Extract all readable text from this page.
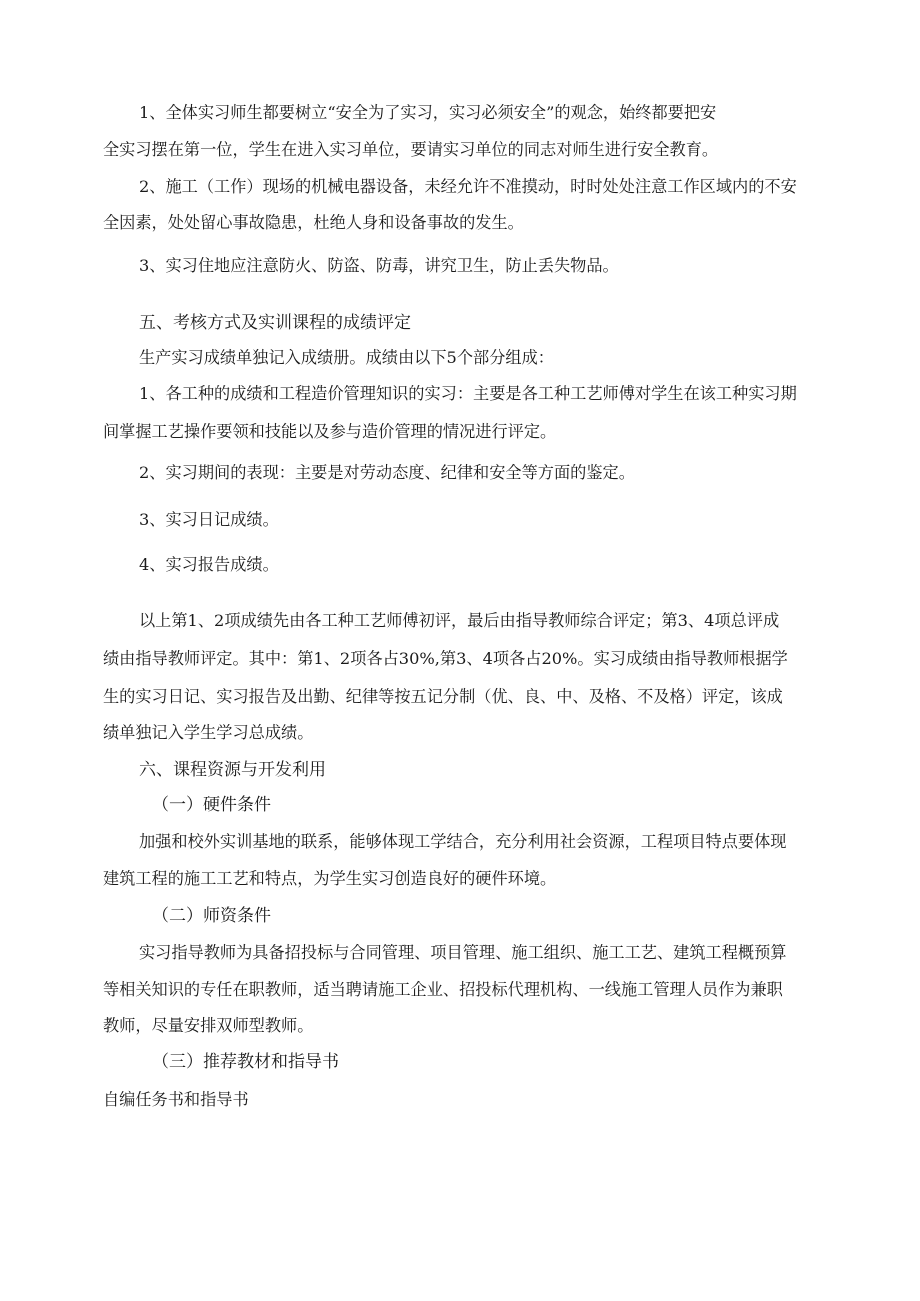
1、全体实习师生都要树立“安全为了实习，实习必须安全”的观念，始终都要把安
全实习摆在第一位，学生在进入实习单位，要请实习单位的同志对师生进行安全教育。
2、施工（工作）现场的机械电器设备，未经允许不准摸动，时时处处注意工作区域内的不安
全因素，处处留心事故隐患，杜绝人身和设备事故的发生。
3、实习住地应注意防火、防盗、防毒，讲究卫生，防止丢失物品。
五、考核方式及实训课程的成绩评定
生产实习成绩单独记入成绩册。成绩由以下5个部分组成：
1、各工种的成绩和工程造价管理知识的实习：主要是各工种工艺师傅对学生在该工种实习期
间掌握工艺操作要领和技能以及参与造价管理的情况进行评定。
2、实习期间的表现：主要是对劳动态度、纪律和安全等方面的鉴定。
3、实习日记成绩。
4、实习报告成绩。
以上第1、2项成绩先由各工种工艺师傅初评，最后由指导教师综合评定；第3、4项总评成
绩由指导教师评定。其中：第1、2项各占30%,第3、4项各占20%。实习成绩由指导教师根据学
生的实习日记、实习报告及出勤、纪律等按五记分制（优、良、中、及格、不及格）评定，该成
绩单独记入学生学习总成绩。
六、课程资源与开发利用
（一）硬件条件
加强和校外实训基地的联系，能够体现工学结合，充分利用社会资源，工程项目特点要体现
建筑工程的施工工艺和特点，为学生实习创造良好的硬件环境。
（二）师资条件
实习指导教师为具备招投标与合同管理、项目管理、施工组织、施工工艺、建筑工程概预算
等相关知识的专任在职教师，适当聘请施工企业、招投标代理机构、一线施工管理人员作为兼职
教师，尽量安排双师型教师。
（三）推荐教材和指导书
自编任务书和指导书
